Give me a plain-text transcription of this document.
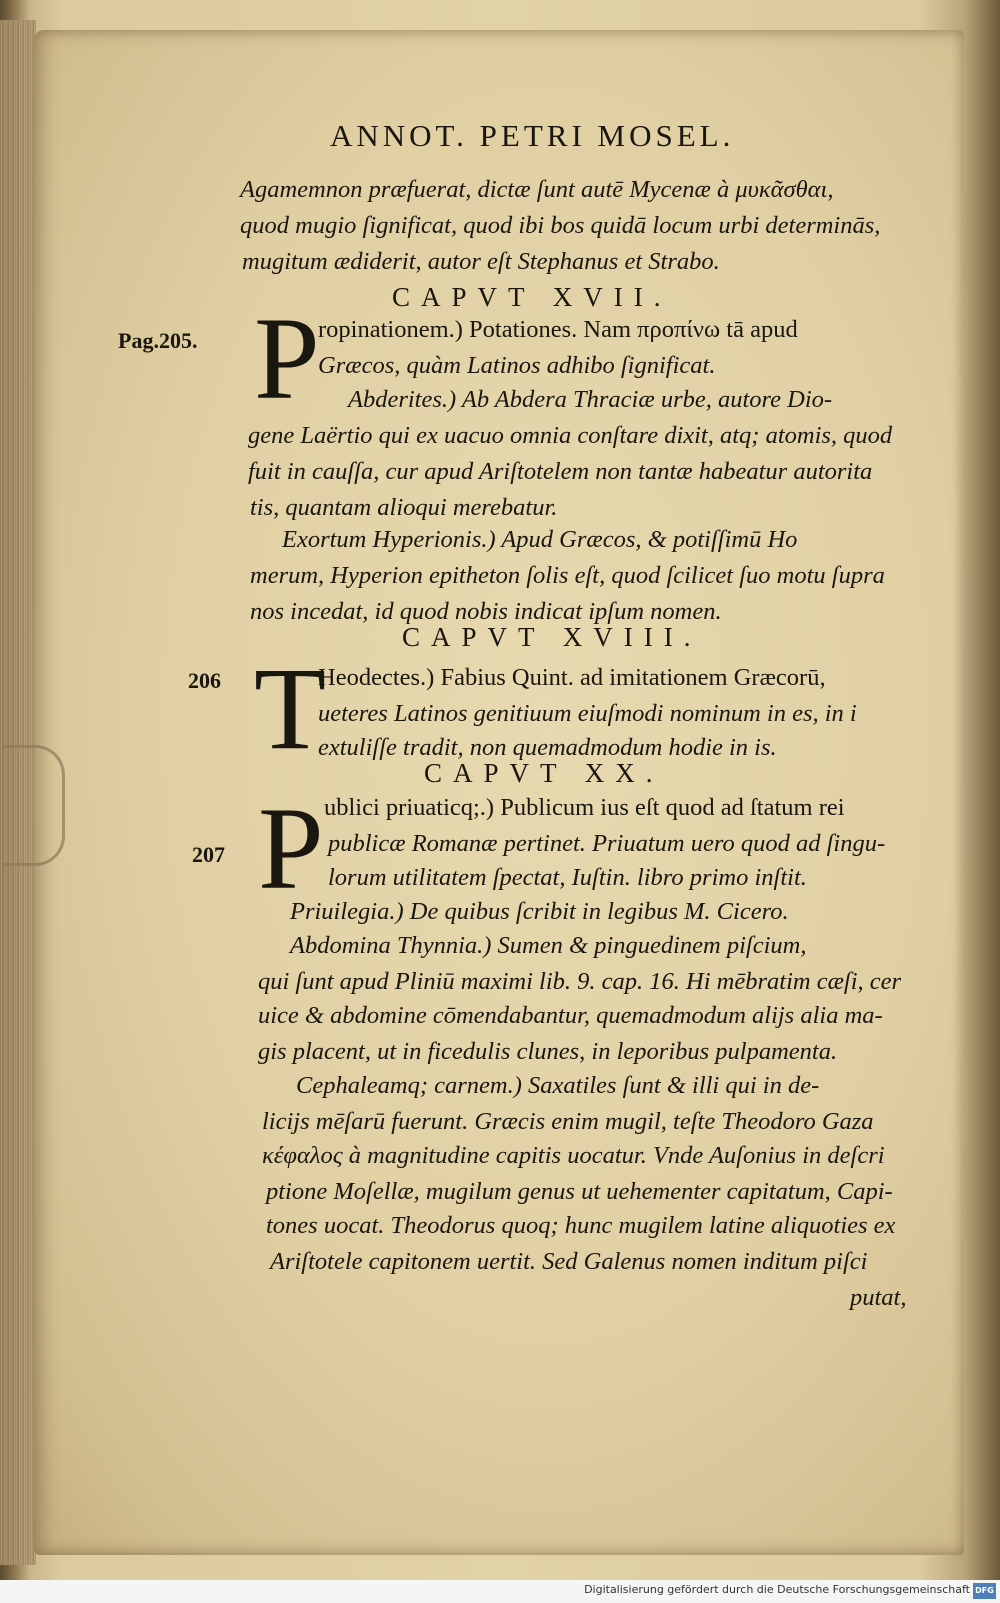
ANNOT. PETRI MOSEL.
Agamemnon præfuerat, dictæ ſunt autē Mycenæ à μυκᾶσθαι,
quod mugio ſignificat, quod ibi bos quidā locum urbi determinās,
mugitum ædiderit, autor eſt Stephanus et Strabo.
CAPVT XVII.
Pag.205. P
ropinationem.) Potationes. Nam προπίνω tā apud
Græcos, quàm Latinos adhibo ſignificat.
Abderites.) Ab Abdera Thraciæ urbe, autore Dio-
gene Laërtio qui ex uacuo omnia conſtare dixit, atq; atomis, quod
fuit in cauſſa, cur apud Ariſtotelem non tantæ habeatur autorita
tis, quantam alioqui merebatur.
Exortum Hyperionis.) Apud Græcos, & potiſſimū Ho
merum, Hyperion epitheton ſolis eſt, quod ſcilicet ſuo motu ſupra
nos incedat, id quod nobis indicat ipſum nomen.
CAPVT XVIII.
206 T
Heodectes.) Fabius Quint. ad imitationem Græcorū,
ueteres Latinos genitiuum eiuſmodi nominum in es, in i
extuliſſe tradit, non quemadmodum hodie in is.
CAPVT XX.
207 P ublici priuaticq;.) Publicum ius eſt quod ad ſtatum rei
publicæ Romanæ pertinet. Priuatum uero quod ad ſingu-
lorum utilitatem ſpectat, Iuſtin. libro primo inſtit.
Priuilegia.) De quibus ſcribit in legibus M. Cicero.
Abdomina Thynnia.) Sumen & pinguedinem piſcium,
qui ſunt apud Pliniū maximi lib. 9. cap. 16. Hi mēbratim cæſi, cer
uice & abdomine cōmendabantur, quemadmodum alijs alia ma-
gis placent, ut in ficedulis clunes, in leporibus pulpamenta.
Cephaleamq; carnem.) Saxatiles ſunt & illi qui in de-
licijs mēſarū fuerunt. Græcis enim mugil, teſte Theodoro Gaza
κέφαλος à magnitudine capitis uocatur. Vnde Auſonius in deſcri
ptione Moſellæ, mugilum genus ut uehementer capitatum, Capi-
tones uocat. Theodorus quoq; hunc mugilem latine aliquoties ex
Ariſtotele capitonem uertit. Sed Galenus nomen inditum piſci
putat,
Digitalisierung gefördert durch die Deutsche Forschungsgemeinschaft DFG
